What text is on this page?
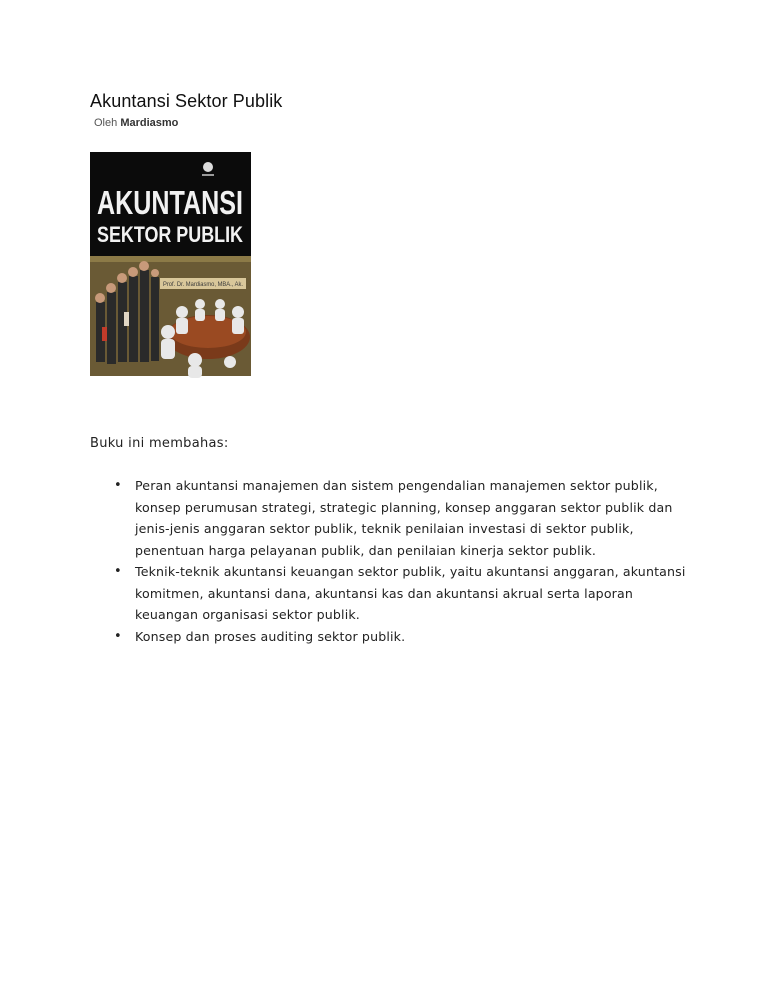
Akuntansi Sektor Publik
Oleh Mardiasmo
AKUNTANSI
SEKTOR PUBLIK
Prof. Dr. Mardiasmo, MBA., Ak.
Buku ini membahas:
• Peran akuntansi manajemen dan sistem pengendalian manajemen sektor publik, konsep perumusan strategi, strategic planning, konsep anggaran sektor publik dan jenis-jenis anggaran sektor publik, teknik penilaian investasi di sektor publik, penentuan harga pelayanan publik, dan penilaian kinerja sektor publik.
• Teknik-teknik akuntansi keuangan sektor publik, yaitu akuntansi anggaran, akuntansi komitmen, akuntansi dana, akuntansi kas dan akuntansi akrual serta laporan keuangan organisasi sektor publik.
• Konsep dan proses auditing sektor publik.
